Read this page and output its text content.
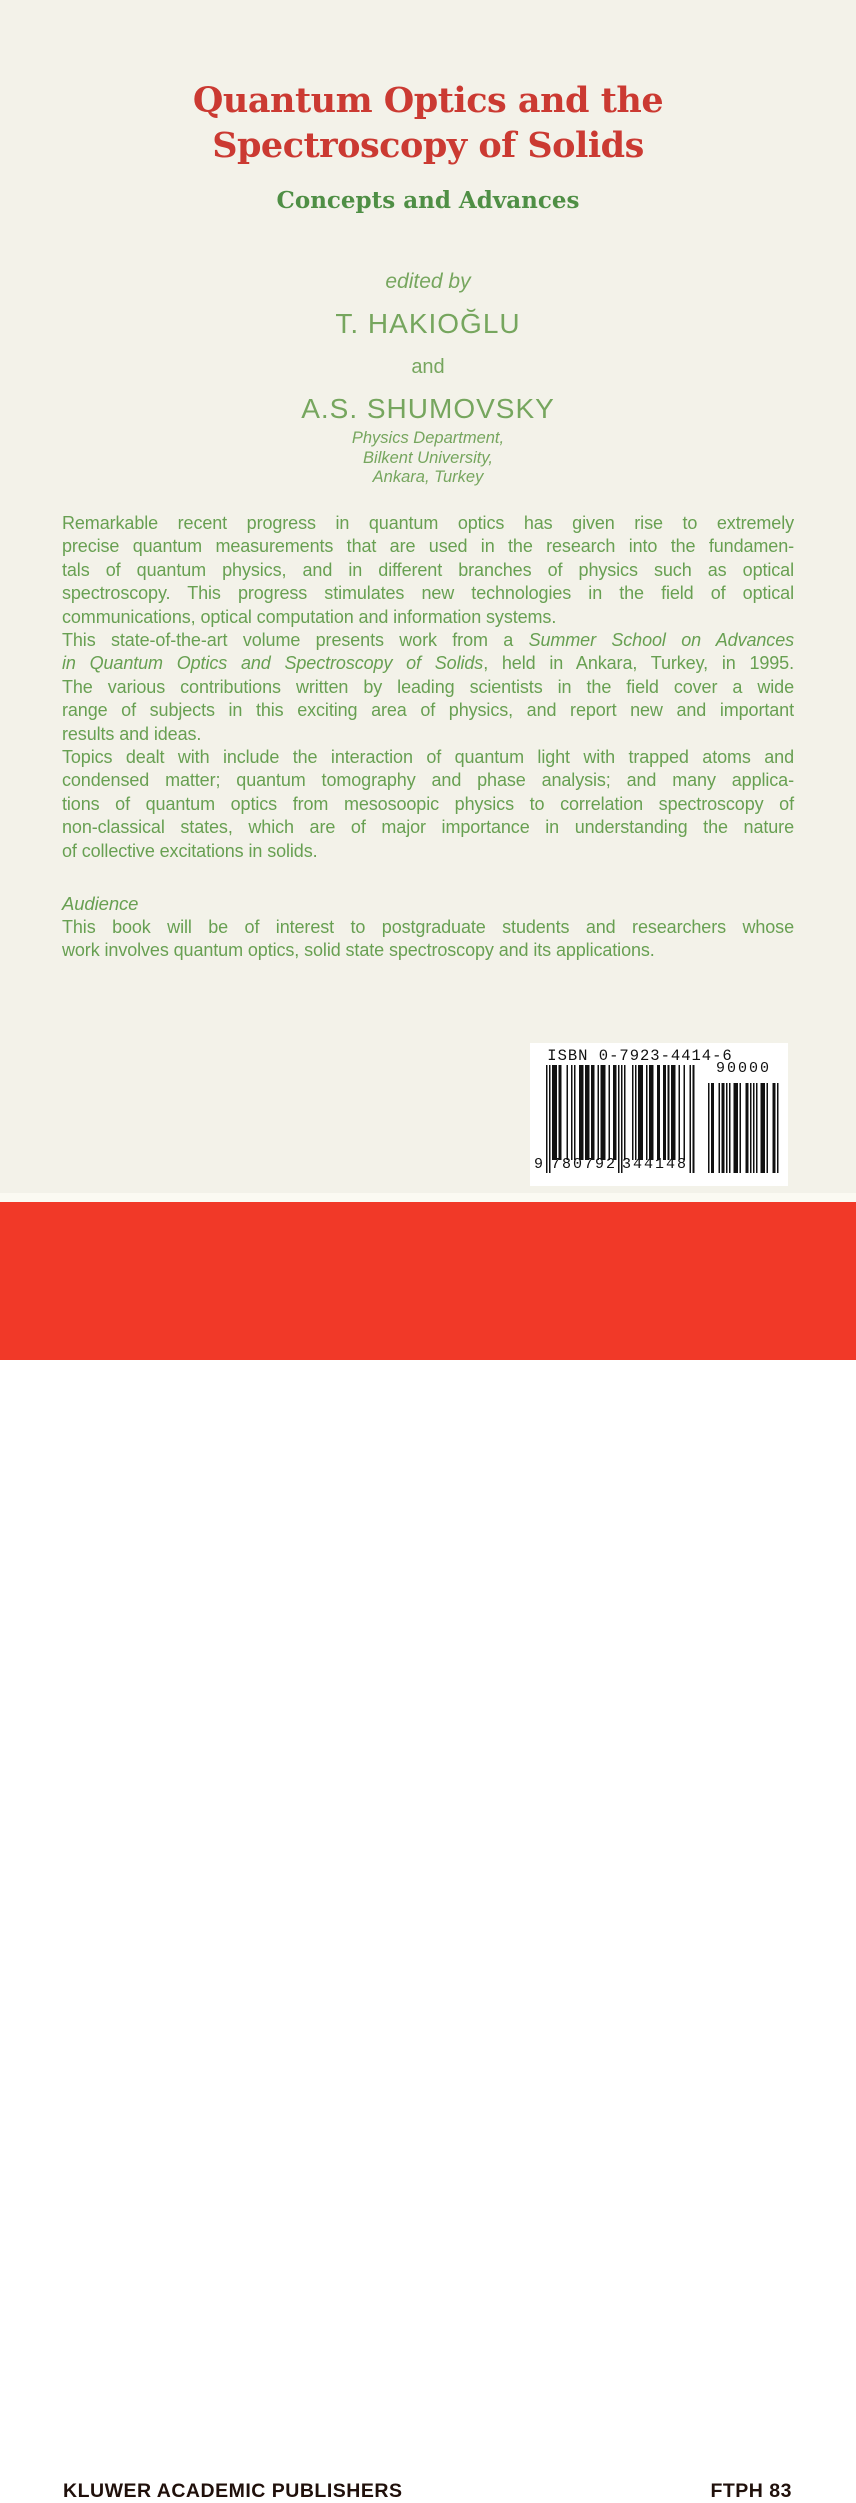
Quantum Optics and the
Spectroscopy of Solids
Concepts and Advances
edited by
T. HAKIOĞLU
and
A.S. SHUMOVSKY
Physics Department,
Bilkent University,
Ankara, Turkey
Remarkable recent progress in quantum optics has given rise to extremely
precise quantum measurements that are used in the research into the fundamen-
tals of quantum physics, and in different branches of physics such as optical
spectroscopy. This progress stimulates new technologies in the field of optical
communications, optical computation and information systems.
This state-of-the-art volume presents work from a Summer School on Advances
in Quantum Optics and Spectroscopy of Solids, held in Ankara, Turkey, in 1995.
The various contributions written by leading scientists in the field cover a wide
range of subjects in this exciting area of physics, and report new and important
results and ideas.
Topics dealt with include the interaction of quantum light with trapped atoms and
condensed matter; quantum tomography and phase analysis; and many applica-
tions of quantum optics from mesosoopic physics to correlation spectroscopy of
non-classical states, which are of major importance in understanding the nature
of collective excitations in solids.
Audience
This book will be of interest to postgraduate students and researchers whose
work involves quantum optics, solid state spectroscopy and its applications.
ISBN 0-7923-4414-6
9 780792 344148
90000
KLUWER ACADEMIC PUBLISHERS	FTPH 83
